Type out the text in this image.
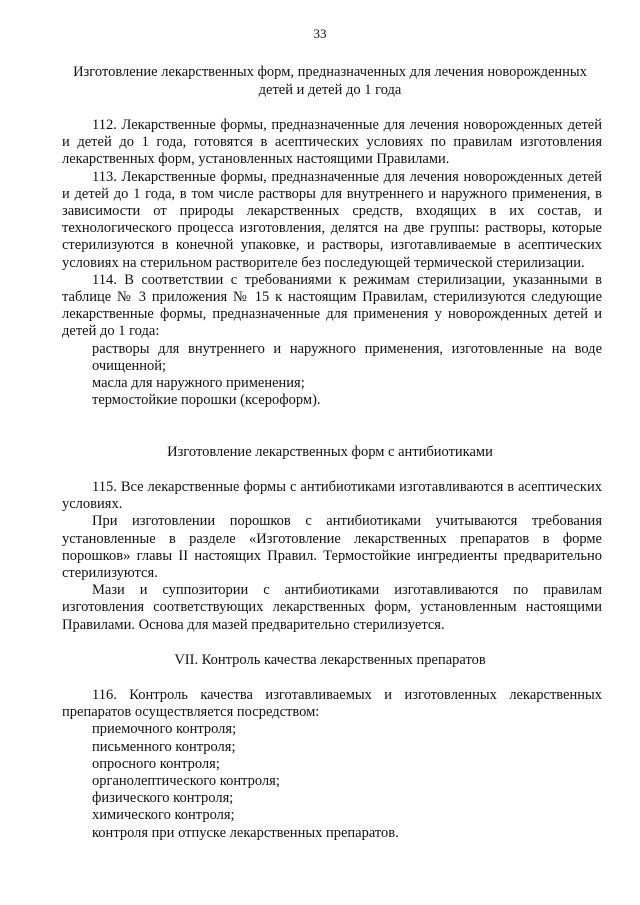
33
Изготовление лекарственных форм, предназначенных для лечения новорожденных детей и детей до 1 года

112. Лекарственные формы, предназначенные для лечения новорожденных детей и детей до 1 года, готовятся в асептических условиях по правилам изготовления лекарственных форм, установленных настоящими Правилами.

113. Лекарственные формы, предназначенные для лечения новорожденных детей и детей до 1 года, в том числе растворы для внутреннего и наружного применения, в зависимости от природы лекарственных средств, входящих в их состав, и технологического процесса изготовления, делятся на две группы: растворы, которые стерилизуются в конечной упаковке, и растворы, изготавливаемые в асептических условиях на стерильном растворителе без последующей термической стерилизации.

114. В соответствии с требованиями к режимам стерилизации, указанными в таблице № 3 приложения № 15 к настоящим Правилам, стерилизуются следующие лекарственные формы, предназначенные для применения у новорожденных детей и детей до 1 года:

растворы для внутреннего и наружного применения, изготовленные на воде очищенной;

масла для наружного применения;

термостойкие порошки (ксероформ).

Изготовление лекарственных форм с антибиотиками

115. Все лекарственные формы с антибиотиками изготавливаются в асептических условиях.

При изготовлении порошков с антибиотиками учитываются требования установленные в разделе «Изготовление лекарственных препаратов в форме порошков» главы II настоящих Правил. Термостойкие ингредиенты предварительно стерилизуются.

Мази и суппозитории с антибиотиками изготавливаются по правилам изготовления соответствующих лекарственных форм, установленным настоящими Правилами. Основа для мазей предварительно стерилизуется.

VII. Контроль качества лекарственных препаратов

116. Контроль качества изготавливаемых и изготовленных лекарственных препаратов осуществляется посредством:

приемочного контроля;

письменного контроля;

опросного контроля;

органолептического контроля;

физического контроля;

химического контроля;

контроля при отпуске лекарственных препаратов.
